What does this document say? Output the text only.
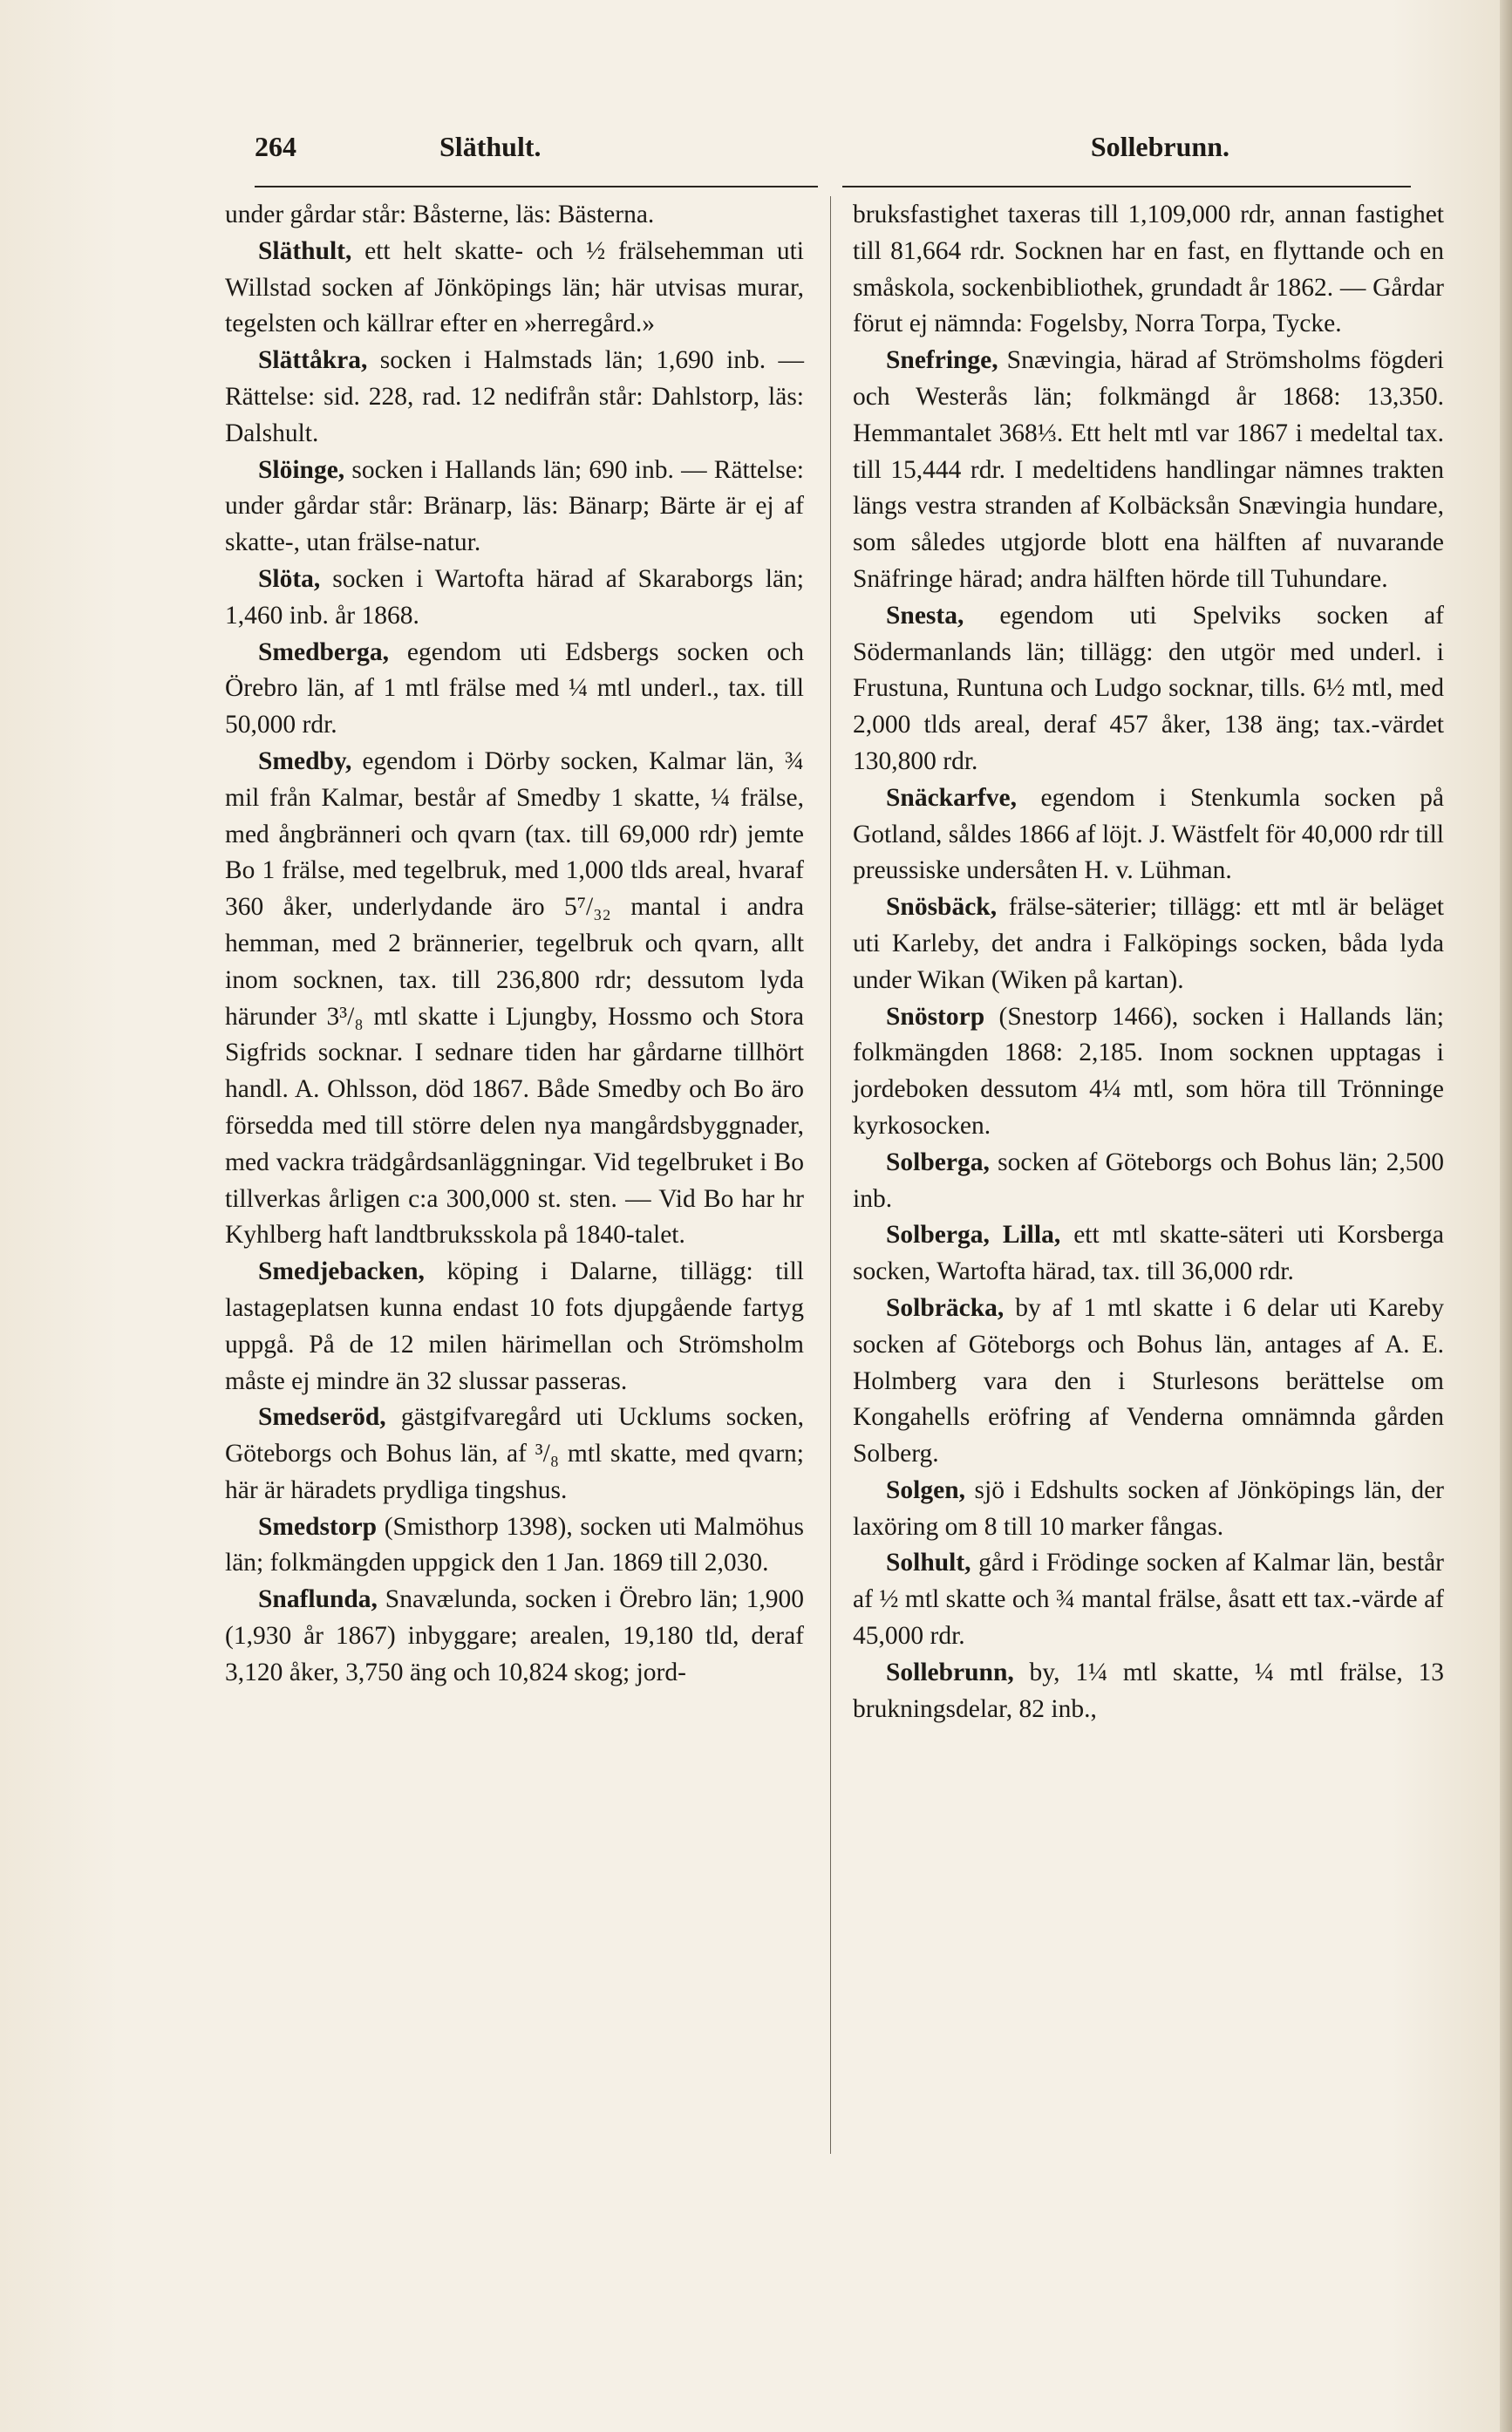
264	Släthult.	Sollebrunn.

under gårdar står: Båsterne, läs: Bästerna.

Släthult, ett helt skatte- och ½ frälsehemman uti Willstad socken af Jönköpings län; här utvisas murar, tegelsten och källrar efter en »herregård.»

Slättåkra, socken i Halmstads län; 1,690 inb. — Rättelse: sid. 228, rad. 12 nedifrån står: Dahlstorp, läs: Dalshult.

Slöinge, socken i Hallands län; 690 inb. — Rättelse: under gårdar står: Bränarp, läs: Bänarp; Bärte är ej af skatte-, utan frälse-natur.

Slöta, socken i Wartofta härad af Skaraborgs län; 1,460 inb. år 1868.

Smedberga, egendom uti Edsbergs socken och Örebro län, af 1 mtl frälse med ¼ mtl underl., tax. till 50,000 rdr.

Smedby, egendom i Dörby socken, Kalmar län, ¾ mil från Kalmar, består af Smedby 1 skatte, ¼ frälse, med ångbränneri och qvarn (tax. till 69,000 rdr) jemte Bo 1 frälse, med tegelbruk, med 1,000 tlds areal, hvaraf 360 åker, underlydande äro 5⁷/₃₂ mantal i andra hemman, med 2 brännerier, tegelbruk och qvarn, allt inom socknen, tax. till 236,800 rdr; dessutom lyda härunder 3³/₈ mtl skatte i Ljungby, Hossmo och Stora Sigfrids socknar. I sednare tiden har gårdarne tillhört handl. A. Ohlsson, död 1867. Både Smedby och Bo äro försedda med till större delen nya mangårdsbyggnader, med vackra trädgårdsanläggningar. Vid tegelbruket i Bo tillverkas årligen c:a 300,000 st. sten. — Vid Bo har hr Kyhlberg haft landtbruksskola på 1840-talet.

Smedjebacken, köping i Dalarne, tillägg: till lastageplatsen kunna endast 10 fots djupgående fartyg uppgå. På de 12 milen härimellan och Strömsholm måste ej mindre än 32 slussar passeras.

Smedseröd, gästgifvaregård uti Ucklums socken, Göteborgs och Bohus län, af ³/₈ mtl skatte, med qvarn; här är häradets prydliga tingshus.

Smedstorp (Smisthorp 1398), socken uti Malmöhus län; folkmängden uppgick den 1 Jan. 1869 till 2,030.

Snaflunda, Snavælunda, socken i Örebro län; 1,900 (1,930 år 1867) inbyggare; arealen, 19,180 tld, deraf 3,120 åker, 3,750 äng och 10,824 skog; jord-

bruksfastighet taxeras till 1,109,000 rdr, annan fastighet till 81,664 rdr. Socknen har en fast, en flyttande och en småskola, sockenbibliothek, grundadt år 1862. — Gårdar förut ej nämnda: Fogelsby, Norra Torpa, Tycke.

Snefringe, Snævingia, härad af Strömsholms fögderi och Westerås län; folkmängd år 1868: 13,350. Hemmantalet 368⅓. Ett helt mtl var 1867 i medeltal tax. till 15,444 rdr. I medeltidens handlingar nämnes trakten längs vestra stranden af Kolbäcksån Snævingia hundare, som således utgjorde blott ena hälften af nuvarande Snäfringe härad; andra hälften hörde till Tuhundare.

Snesta, egendom uti Spelviks socken af Södermanlands län; tillägg: den utgör med underl. i Frustuna, Runtuna och Ludgo socknar, tills. 6½ mtl, med 2,000 tlds areal, deraf 457 åker, 138 äng; tax.-värdet 130,800 rdr.

Snäckarfve, egendom i Stenkumla socken på Gotland, såldes 1866 af löjt. J. Wästfelt för 40,000 rdr till preussiske undersåten H. v. Lühman.

Snösbäck, frälse-säterier; tillägg: ett mtl är beläget uti Karleby, det andra i Falköpings socken, båda lyda under Wikan (Wiken på kartan).

Snöstorp (Snestorp 1466), socken i Hallands län; folkmängden 1868: 2,185. Inom socknen upptagas i jordeboken dessutom 4¼ mtl, som höra till Trönninge kyrkosocken.

Solberga, socken af Göteborgs och Bohus län; 2,500 inb.

Solberga, Lilla, ett mtl skatte-säteri uti Korsberga socken, Wartofta härad, tax. till 36,000 rdr.

Solbräcka, by af 1 mtl skatte i 6 delar uti Kareby socken af Göteborgs och Bohus län, antages af A. E. Holmberg vara den i Sturlesons berättelse om Kongahells eröfring af Venderna omnämnda gården Solberg.

Solgen, sjö i Edshults socken af Jönköpings län, der laxöring om 8 till 10 marker fångas.

Solhult, gård i Frödinge socken af Kalmar län, består af ½ mtl skatte och ¾ mantal frälse, åsatt ett tax.-värde af 45,000 rdr.

Sollebrunn, by, 1¼ mtl skatte, ¼ mtl frälse, 13 brukningsdelar, 82 inb.,
